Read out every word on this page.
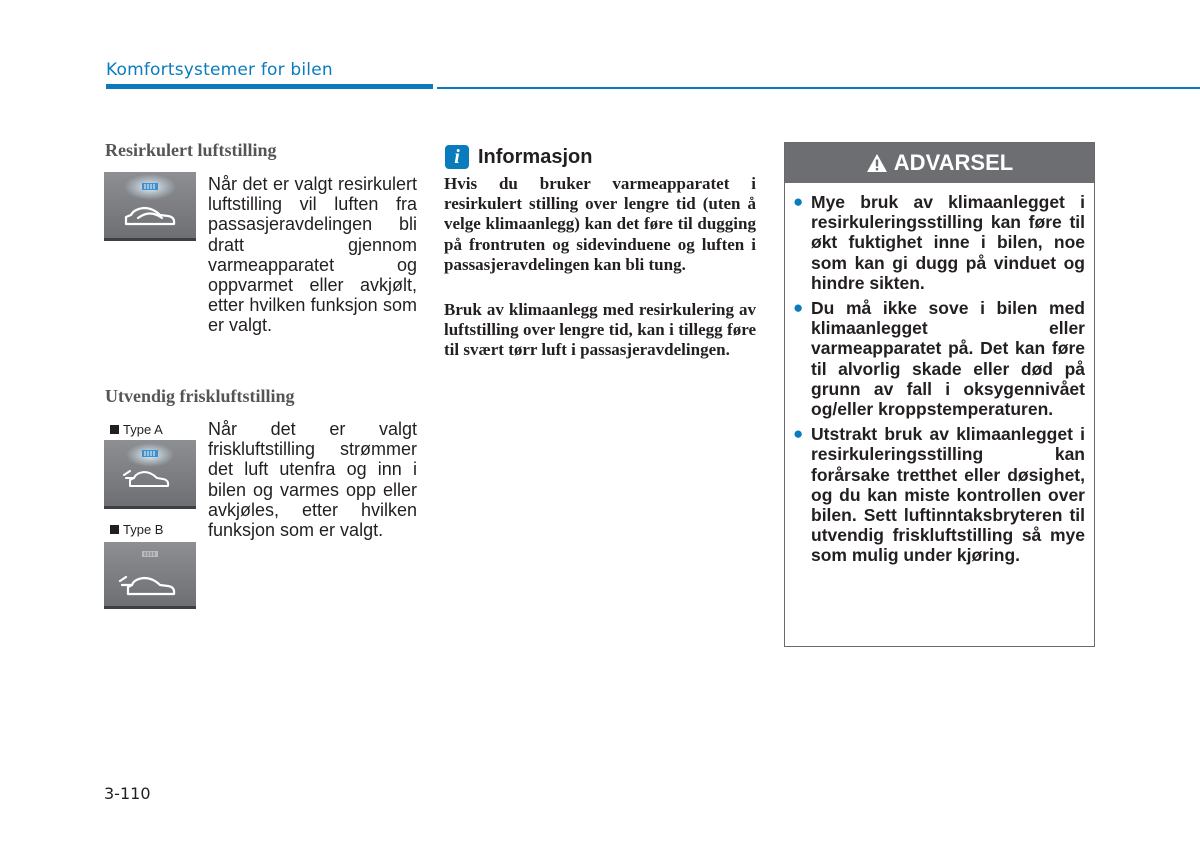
Komfortsystemer for bilen
Resirkulert luftstilling
Når det er valgt resirkulert luftstilling vil luften fra passasjeravdelingen bli dratt gjennom varmeapparatet og oppvarmet eller avkjølt, etter hvilken funksjon som er valgt.
Utvendig friskluftstilling
Type A
Type B
Når det er valgt friskluftstilling strømmer det luft utenfra og inn i bilen og varmes opp eller avkjøles, etter hvilken funksjon som er valgt.
i Informasjon
Hvis du bruker varmeapparatet i resirkulert stilling over lengre tid (uten å velge klimaanlegg) kan det føre til dugging på frontruten og sidevinduene og luften i passasjeravdelingen kan bli tung.
Bruk av klimaanlegg med resirkulering av luftstilling over lengre tid, kan i tillegg føre til svært tørr luft i passasjeravdelingen.
ADVARSEL
● Mye bruk av klimaanlegget i resirkuleringsstilling kan føre til økt fuktighet inne i bilen, noe som kan gi dugg på vinduet og hindre sikten.
● Du må ikke sove i bilen med klimaanlegget eller varmeapparatet på. Det kan føre til alvorlig skade eller død på grunn av fall i oksygennivået og/eller kroppstemperaturen.
● Utstrakt bruk av klimaanlegget i resirkuleringsstilling kan forårsake tretthet eller døsighet, og du kan miste kontrollen over bilen. Sett luftinntaksbryteren til utvendig friskluftstilling så mye som mulig under kjøring.
3-110
